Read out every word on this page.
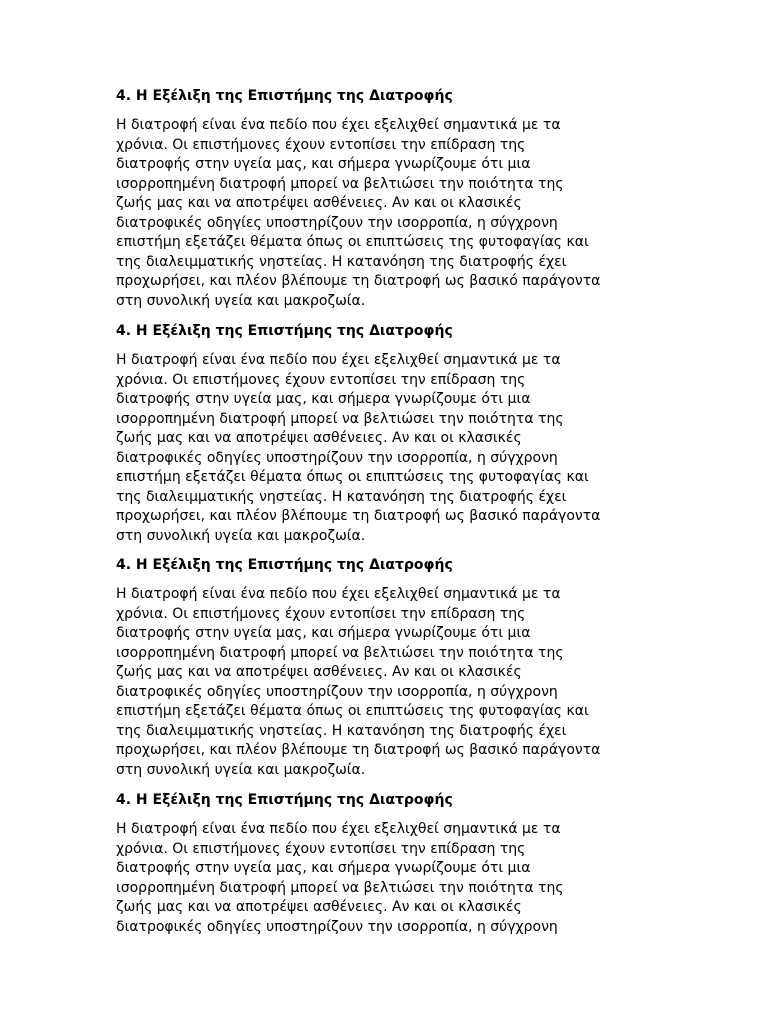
4. Η Εξέλιξη της Επιστήμης της Διατροφής
Η διατροφή είναι ένα πεδίο που έχει εξελιχθεί σημαντικά με τα
χρόνια. Οι επιστήμονες έχουν εντοπίσει την επίδραση της
διατροφής στην υγεία μας, και σήμερα γνωρίζουμε ότι μια
ισορροπημένη διατροφή μπορεί να βελτιώσει την ποιότητα της
ζωής μας και να αποτρέψει ασθένειες. Αν και οι κλασικές
διατροφικές οδηγίες υποστηρίζουν την ισορροπία, η σύγχρονη
επιστήμη εξετάζει θέματα όπως οι επιπτώσεις της φυτοφαγίας και
της διαλειμματικής νηστείας. Η κατανόηση της διατροφής έχει
προχωρήσει, και πλέον βλέπουμε τη διατροφή ως βασικό παράγοντα
στη συνολική υγεία και μακροζωία.
4. Η Εξέλιξη της Επιστήμης της Διατροφής
Η διατροφή είναι ένα πεδίο που έχει εξελιχθεί σημαντικά με τα
χρόνια. Οι επιστήμονες έχουν εντοπίσει την επίδραση της
διατροφής στην υγεία μας, και σήμερα γνωρίζουμε ότι μια
ισορροπημένη διατροφή μπορεί να βελτιώσει την ποιότητα της
ζωής μας και να αποτρέψει ασθένειες. Αν και οι κλασικές
διατροφικές οδηγίες υποστηρίζουν την ισορροπία, η σύγχρονη
επιστήμη εξετάζει θέματα όπως οι επιπτώσεις της φυτοφαγίας και
της διαλειμματικής νηστείας. Η κατανόηση της διατροφής έχει
προχωρήσει, και πλέον βλέπουμε τη διατροφή ως βασικό παράγοντα
στη συνολική υγεία και μακροζωία.
4. Η Εξέλιξη της Επιστήμης της Διατροφής
Η διατροφή είναι ένα πεδίο που έχει εξελιχθεί σημαντικά με τα
χρόνια. Οι επιστήμονες έχουν εντοπίσει την επίδραση της
διατροφής στην υγεία μας, και σήμερα γνωρίζουμε ότι μια
ισορροπημένη διατροφή μπορεί να βελτιώσει την ποιότητα της
ζωής μας και να αποτρέψει ασθένειες. Αν και οι κλασικές
διατροφικές οδηγίες υποστηρίζουν την ισορροπία, η σύγχρονη
επιστήμη εξετάζει θέματα όπως οι επιπτώσεις της φυτοφαγίας και
της διαλειμματικής νηστείας. Η κατανόηση της διατροφής έχει
προχωρήσει, και πλέον βλέπουμε τη διατροφή ως βασικό παράγοντα
στη συνολική υγεία και μακροζωία.
4. Η Εξέλιξη της Επιστήμης της Διατροφής
Η διατροφή είναι ένα πεδίο που έχει εξελιχθεί σημαντικά με τα
χρόνια. Οι επιστήμονες έχουν εντοπίσει την επίδραση της
διατροφής στην υγεία μας, και σήμερα γνωρίζουμε ότι μια
ισορροπημένη διατροφή μπορεί να βελτιώσει την ποιότητα της
ζωής μας και να αποτρέψει ασθένειες. Αν και οι κλασικές
διατροφικές οδηγίες υποστηρίζουν την ισορροπία, η σύγχρονη
